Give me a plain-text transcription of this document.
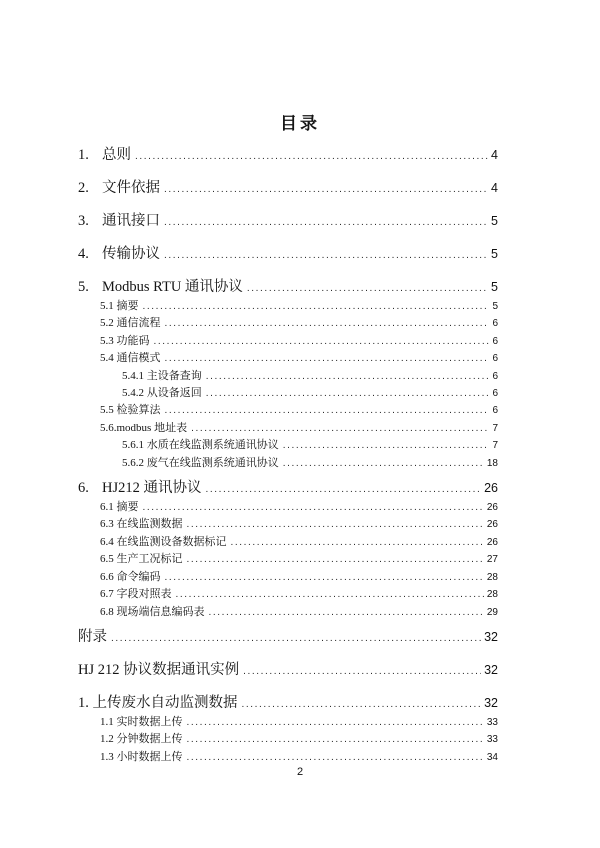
目录
1. 总则 .....	4
2. 文件依据 .....	4
3. 通讯接口 .....	5
4. 传输协议 .....	5
5. Modbus RTU 通讯协议 .....	5
5.1 摘要 .....	5
5.2 通信流程 .....	6
5.3 功能码 .....	6
5.4 通信模式 .....	6
5.4.1 主设备查询 .....	6
5.4.2 从设备返回 .....	6
5.5 检验算法 .....	6
5.6.modbus 地址表 .....	7
5.6.1 水质在线监测系统通讯协议 .....	7
5.6.2 废气在线监测系统通讯协议 .....	18
6. HJ212 通讯协议 .....	26
6.1 摘要 .....	26
6.3 在线监测数据 .....	26
6.4 在线监测设备数据标记 .....	26
6.5 生产工况标记 .....	27
6.6 命令编码 .....	28
6.7 字段对照表 .....	28
6.8 现场端信息编码表 .....	29
附录 .....	32
HJ 212 协议数据通讯实例 .....	32
1. 上传废水自动监测数据 .....	32
1.1 实时数据上传 .....	33
1.2 分钟数据上传 .....	33
1.3 小时数据上传 .....	34
2
